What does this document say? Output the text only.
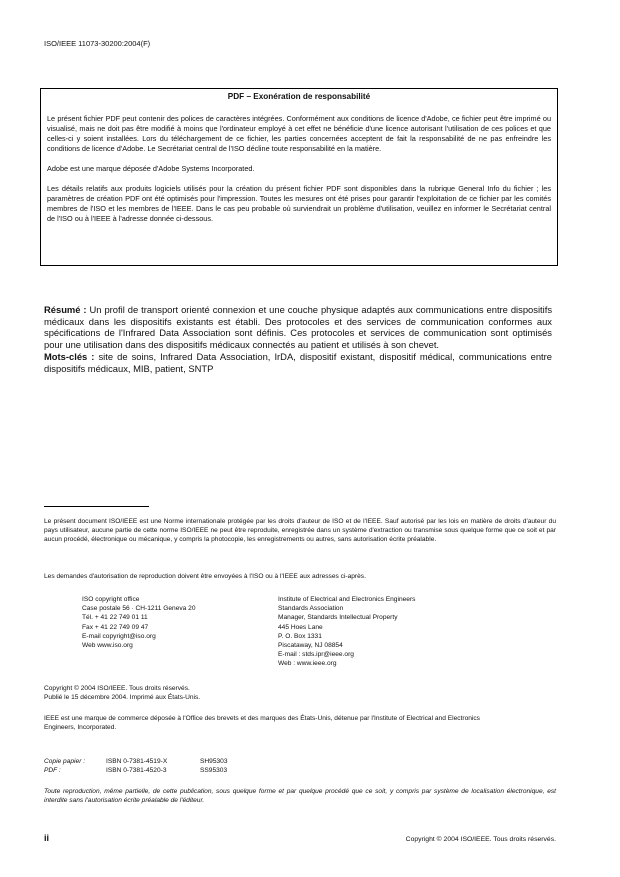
ISO/IEEE 11073-30200:2004(F)
PDF – Exonération de responsabilité

Le présent fichier PDF peut contenir des polices de caractères intégrées. Conformément aux conditions de licence d'Adobe, ce fichier peut être imprimé ou visualisé, mais ne doit pas être modifié à moins que l'ordinateur employé à cet effet ne bénéficie d'une licence autorisant l'utilisation de ces polices et que celles-ci y soient installées. Lors du téléchargement de ce fichier, les parties concernées acceptent de fait la responsabilité de ne pas enfreindre les conditions de licence d'Adobe. Le Secrétariat central de l'ISO décline toute responsabilité en la matière.

Adobe est une marque déposée d'Adobe Systems Incorporated.

Les détails relatifs aux produits logiciels utilisés pour la création du présent fichier PDF sont disponibles dans la rubrique General Info du fichier ; les paramètres de création PDF ont été optimisés pour l'impression. Toutes les mesures ont été prises pour garantir l'exploitation de ce fichier par les comités membres de l'ISO et les membres de l'IEEE. Dans le cas peu probable où surviendrait un problème d'utilisation, veuillez en informer le Secrétariat central de l'ISO ou à l'IEEE à l'adresse donnée ci-dessous.

Résumé : Un profil de transport orienté connexion et une couche physique adaptés aux communications entre dispositifs médicaux dans les dispositifs existants est établi. Des protocoles et des services de communication conformes aux spécifications de l'Infrared Data Association sont définis. Ces protocoles et services de communication sont optimisés pour une utilisation dans des dispositifs médicaux connectés au patient et utilisés à son chevet.
Mots-clés : site de soins, Infrared Data Association, IrDA, dispositif existant, dispositif médical, communications entre dispositifs médicaux, MIB, patient, SNTP
Le présent document ISO/IEEE est une Norme internationale protégée par les droits d'auteur de ISO et de l'IEEE. Sauf autorisé par les lois en matière de droits d'auteur du pays utilisateur, aucune partie de cette norme ISO/IEEE ne peut être reproduite, enregistrée dans un système d'extraction ou transmise sous quelque forme que ce soit et par aucun procédé, électronique ou mécanique, y compris la photocopie, les enregistrements ou autres, sans autorisation écrite préalable.
Les demandes d'autorisation de reproduction doivent être envoyées à l'ISO ou à l'IEEE aux adresses ci-après.
ISO copyright office
Case postale 56 · CH-1211 Geneva 20
Tél. + 41 22 749 01 11
Fax + 41 22 749 09 47
E-mail copyright@iso.org
Web www.iso.org
Institute of Electrical and Electronics Engineers
Standards Association
Manager, Standards Intellectual Property
445 Hoes Lane
P. O. Box 1331
Piscataway, NJ 08854
E-mail : stds.ipr@ieee.org
Web : www.ieee.org
Copyright © 2004 ISO/IEEE. Tous droits réservés.
Publié le 15 décembre 2004. Imprimé aux États-Unis.
IEEE est une marque de commerce déposée à l'Office des brevets et des marques des États-Unis, détenue par l'Institute of Electrical and Electronics
Engineers, Incorporated.
Copie papier :	ISBN 0-7381-4519-X	SH95303
PDF :	ISBN 0-7381-4520-3	SS95303
Toute reproduction, même partielle, de cette publication, sous quelque forme et par quelque procédé que ce soit, y compris par système de localisation électronique, est interdite sans l'autorisation écrite préalable de l'éditeur.
ii	Copyright © 2004 ISO/IEEE. Tous droits réservés.
